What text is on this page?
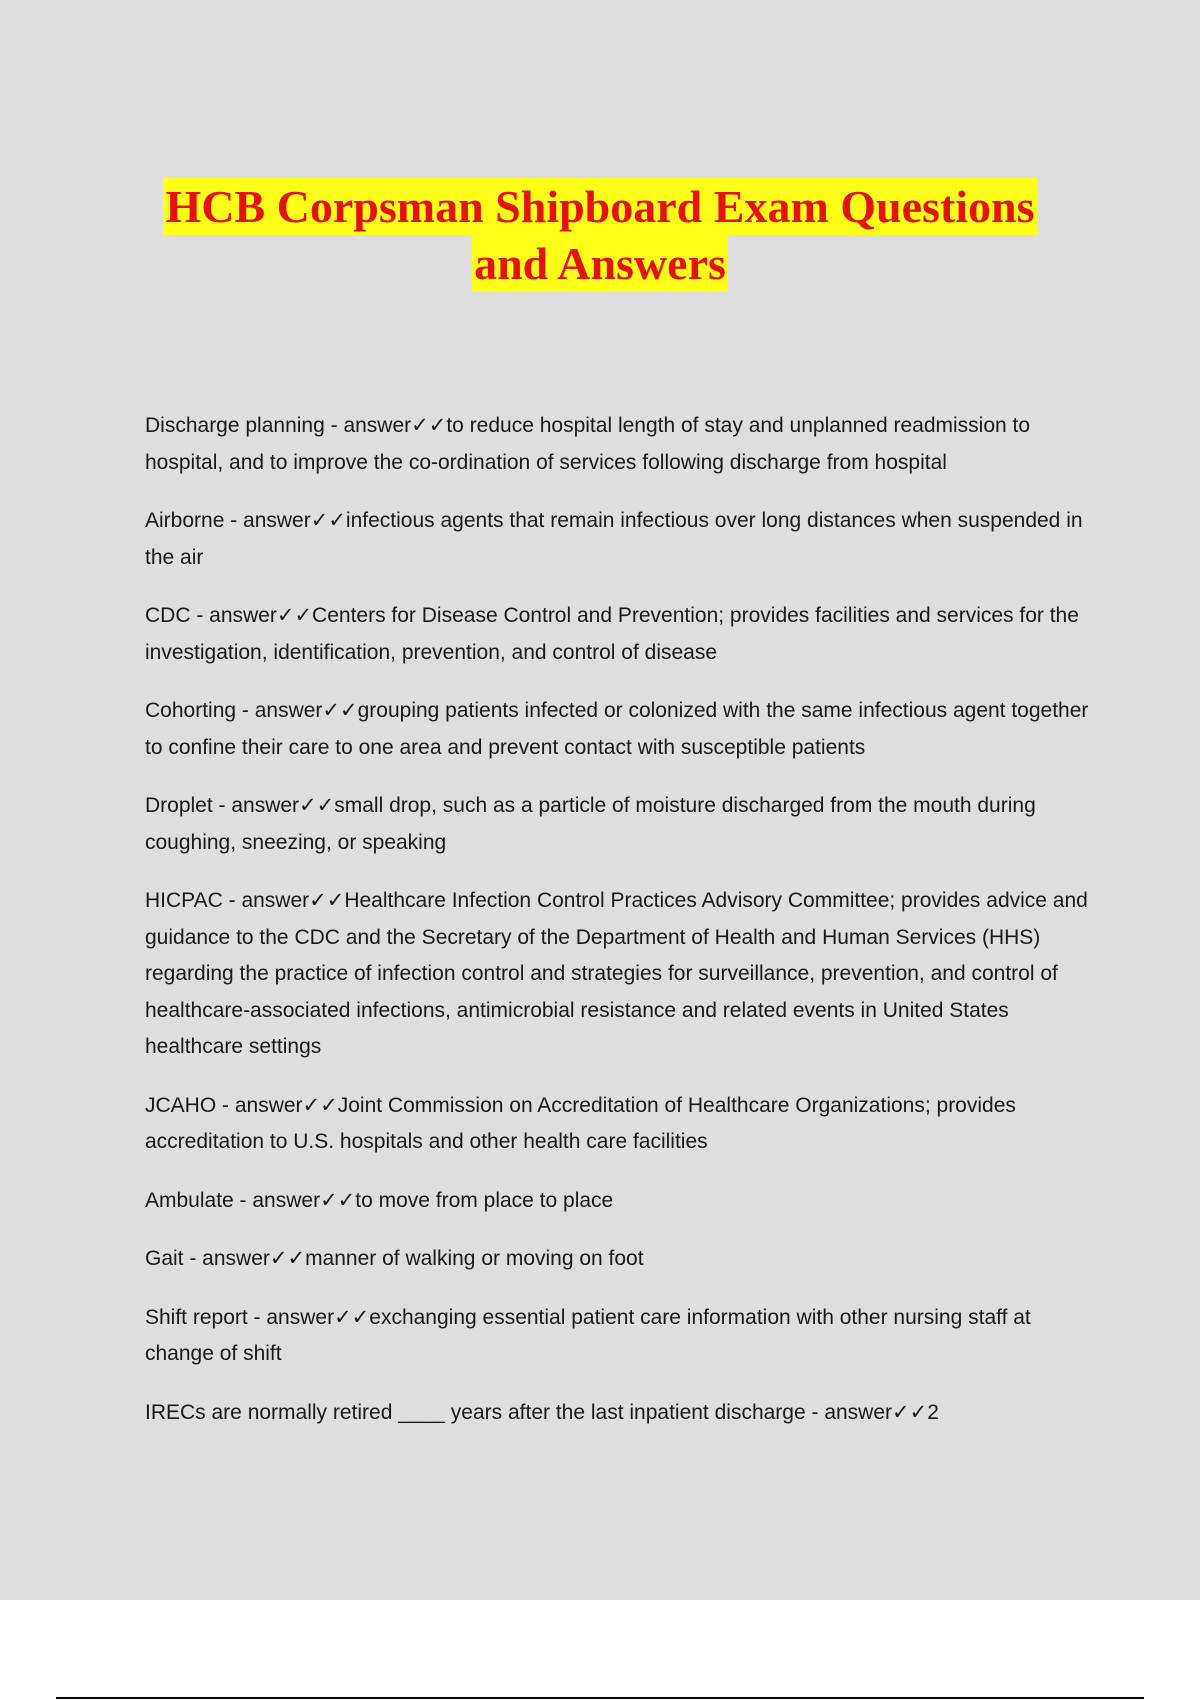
HCB Corpsman Shipboard Exam Questions
and Answers

Discharge planning - answer✓✓to reduce hospital length of stay and unplanned readmission to hospital, and to improve the co-ordination of services following discharge from hospital

Airborne - answer✓✓infectious agents that remain infectious over long distances when suspended in the air

CDC - answer✓✓Centers for Disease Control and Prevention; provides facilities and services for the investigation, identification, prevention, and control of disease

Cohorting - answer✓✓grouping patients infected or colonized with the same infectious agent together to confine their care to one area and prevent contact with susceptible patients

Droplet - answer✓✓small drop, such as a particle of moisture discharged from the mouth during coughing, sneezing, or speaking

HICPAC - answer✓✓Healthcare Infection Control Practices Advisory Committee; provides advice and guidance to the CDC and the Secretary of the Department of Health and Human Services (HHS) regarding the practice of infection control and strategies for surveillance, prevention, and control of healthcare-associated infections, antimicrobial resistance and related events in United States healthcare settings

JCAHO - answer✓✓Joint Commission on Accreditation of Healthcare Organizations; provides accreditation to U.S. hospitals and other health care facilities

Ambulate - answer✓✓to move from place to place

Gait - answer✓✓manner of walking or moving on foot

Shift report - answer✓✓exchanging essential patient care information with other nursing staff at change of shift

IRECs are normally retired ____ years after the last inpatient discharge - answer✓✓2
